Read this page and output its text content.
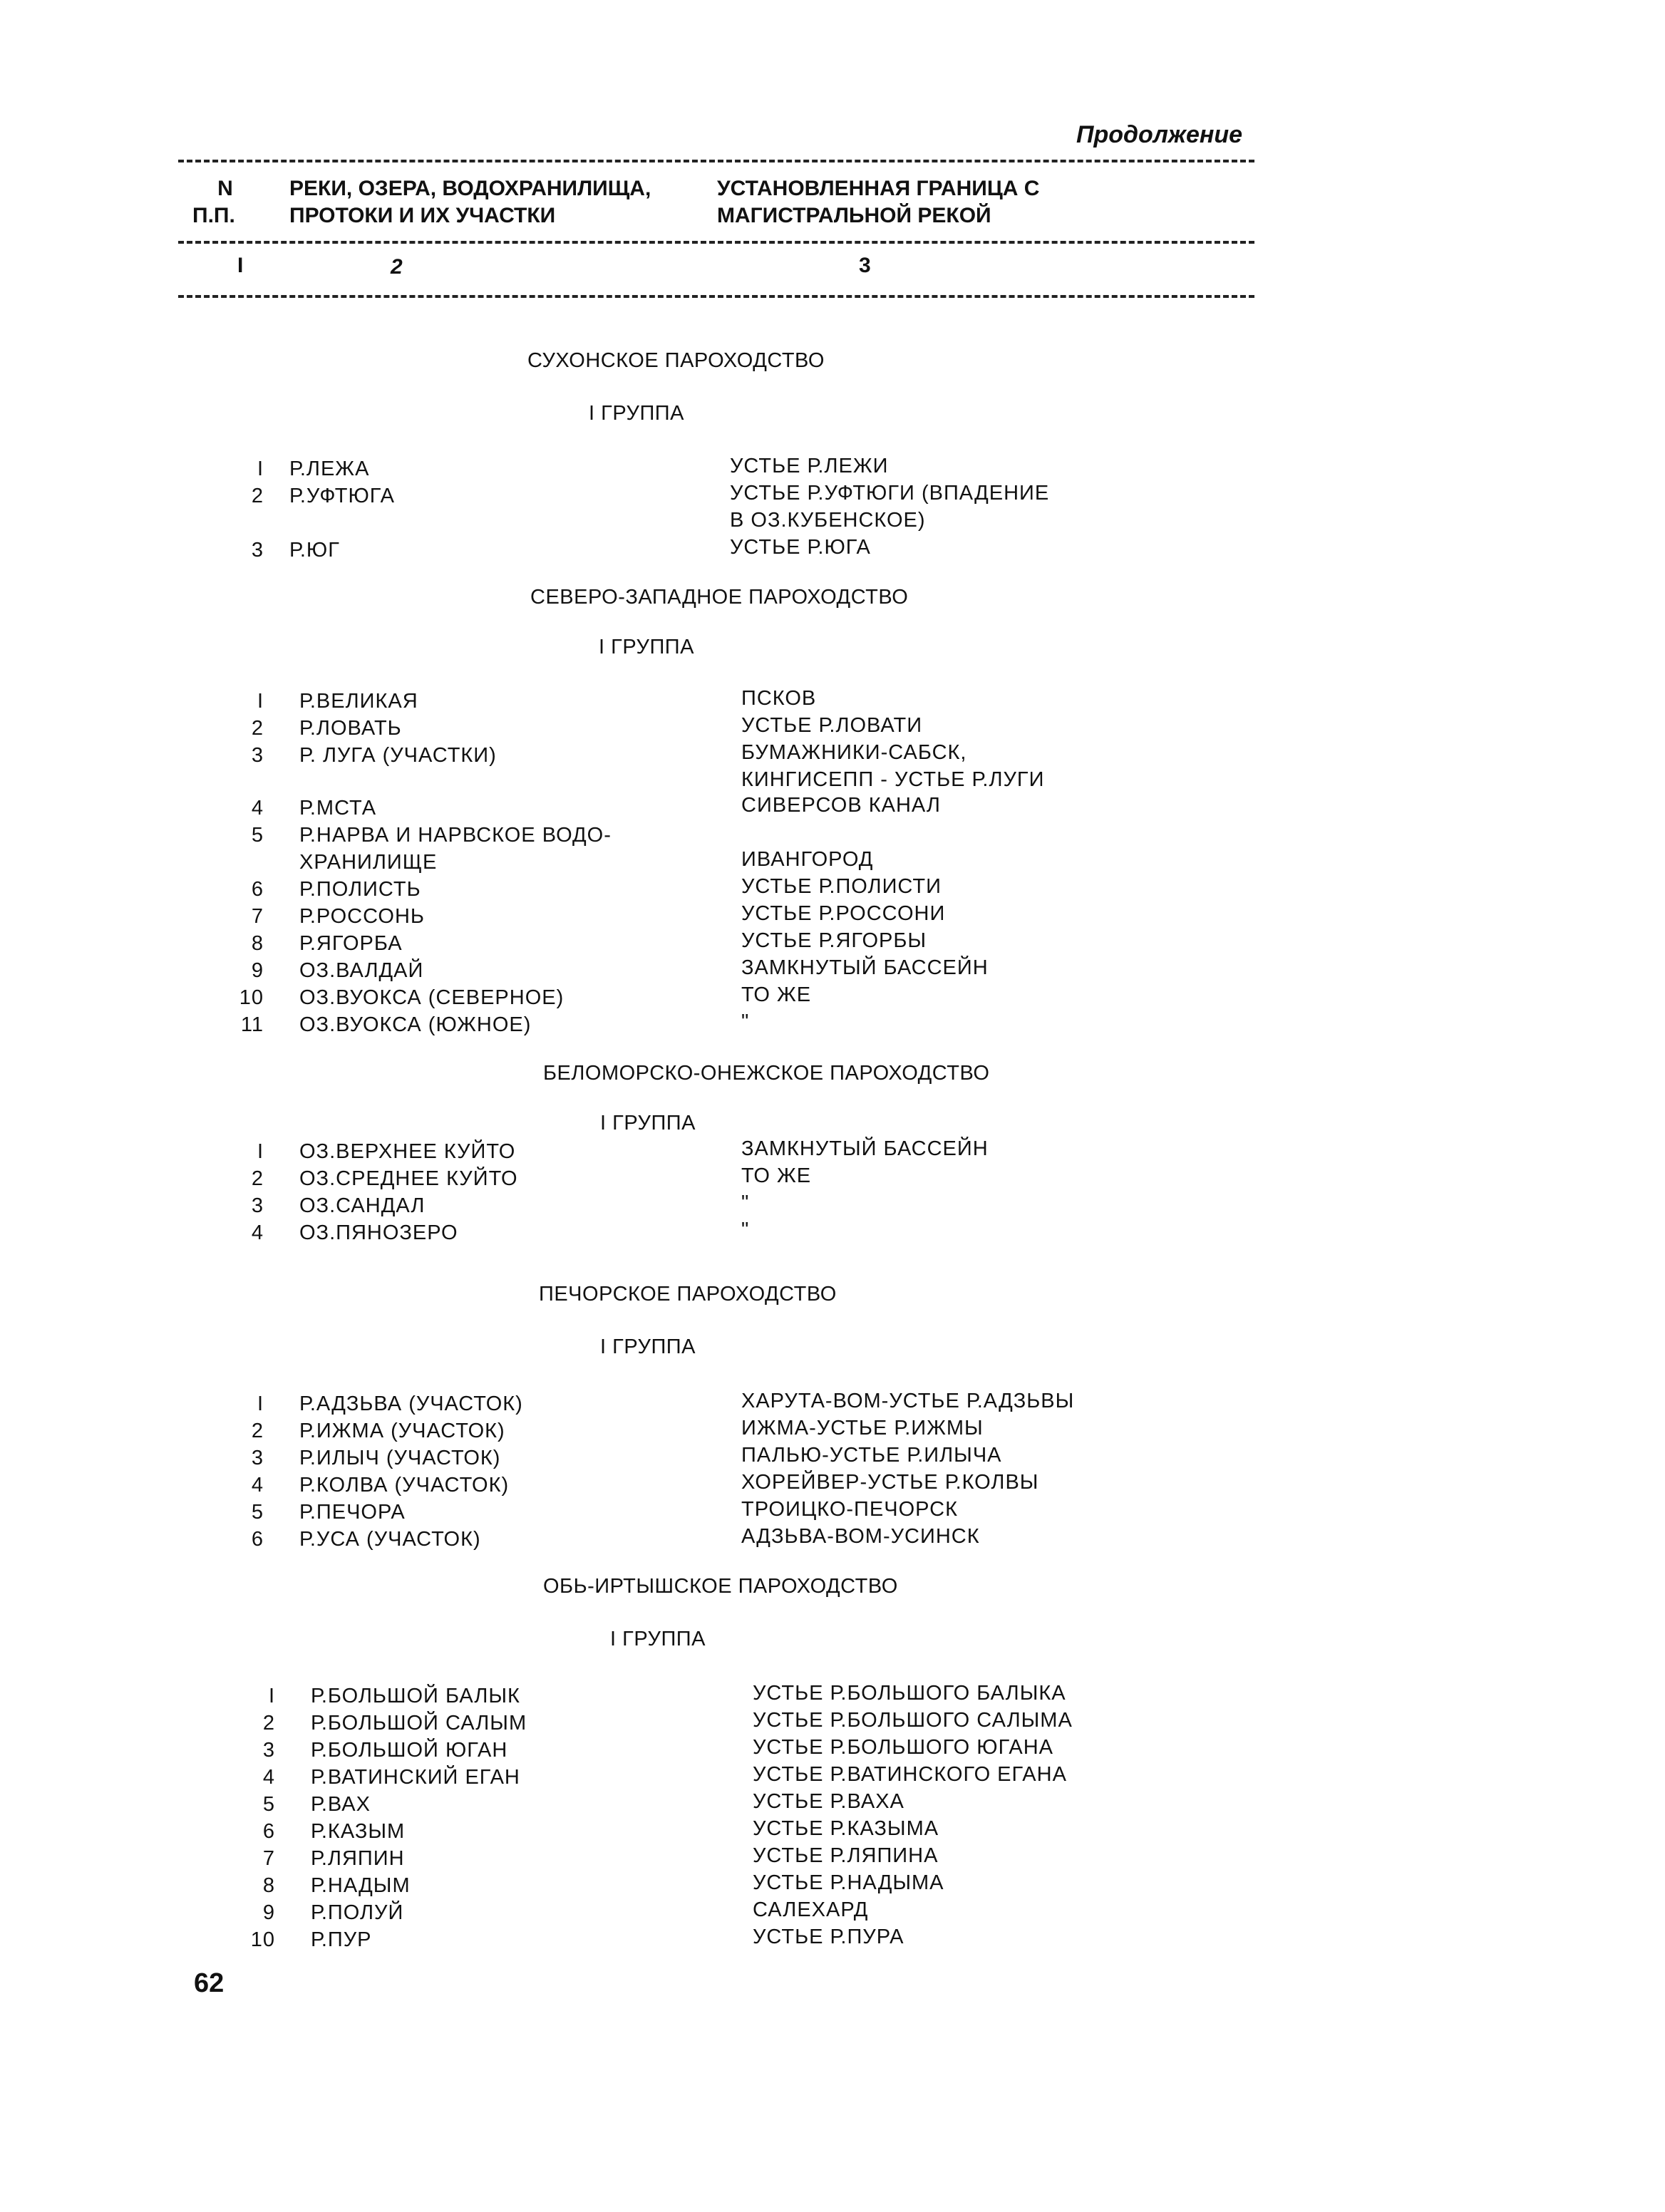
Продолжение
N
П.П.
РЕКИ, ОЗЕРА, ВОДОХРАНИЛИЩА,
ПРОТОКИ И ИХ УЧАСТКИ
УСТАНОВЛЕННАЯ ГРАНИЦА С
МАГИСТРАЛЬНОЙ РЕКОЙ
I	2	3
СУХОНСКОЕ ПАРОХОДСТВО
I ГРУППА
I Р.ЛЕЖА	УСТЬЕ Р.ЛЕЖИ
2 Р.УФТЮГА	УСТЬЕ Р.УФТЮГИ (ВПАДЕНИЕ
В ОЗ.КУБЕНСКОЕ)
3 Р.ЮГ	УСТЬЕ Р.ЮГА
СЕВЕРО-ЗАПАДНОЕ ПАРОХОДСТВО
I ГРУППА
I Р.ВЕЛИКАЯ	ПСКОВ
2 Р.ЛОВАТЬ	УСТЬЕ Р.ЛОВАТИ
3 Р. ЛУГА (УЧАСТКИ)	БУМАЖНИКИ-САБСК,
КИНГИСЕПП - УСТЬЕ Р.ЛУГИ
4 Р.МСТА	СИВЕРСОВ КАНАЛ
5 Р.НАРВА И НАРВСКОЕ ВОДО-
ХРАНИЛИЩЕ	ИВАНГОРОД
6 Р.ПОЛИСТЬ	УСТЬЕ Р.ПОЛИСТИ
7 Р.РОССОНЬ	УСТЬЕ Р.РОССОНИ
8 Р.ЯГОРБА	УСТЬЕ Р.ЯГОРБЫ
9 ОЗ.ВАЛДАЙ	ЗАМКНУТЫЙ БАССЕЙН
10 ОЗ.ВУОКСА (СЕВЕРНОЕ)	ТО ЖЕ
11 ОЗ.ВУОКСА (ЮЖНОЕ)	"
БЕЛОМОРСКО-ОНЕЖСКОЕ ПАРОХОДСТВО
I ГРУППА
I ОЗ.ВЕРХНЕЕ КУЙТО	ЗАМКНУТЫЙ БАССЕЙН
2 ОЗ.СРЕДНЕЕ КУЙТО	ТО ЖЕ
3 ОЗ.САНДАЛ	"
4 ОЗ.ПЯНОЗЕРО	"
ПЕЧОРСКОЕ ПАРОХОДСТВО
I ГРУППА
I Р.АДЗЬВА (УЧАСТОК)	ХАРУТА-ВОМ-УСТЬЕ Р.АДЗЬВЫ
2 Р.ИЖМА (УЧАСТОК)	ИЖМА-УСТЬЕ Р.ИЖМЫ
3 Р.ИЛЫЧ (УЧАСТОК)	ПАЛЬЮ-УСТЬЕ Р.ИЛЫЧА
4 Р.КОЛВА (УЧАСТОК)	ХОРЕЙВЕР-УСТЬЕ Р.КОЛВЫ
5 Р.ПЕЧОРА	ТРОИЦКО-ПЕЧОРСК
6 Р.УСА (УЧАСТОК)	АДЗЬВА-ВОМ-УСИНСК
ОБЬ-ИРТЫШСКОЕ ПАРОХОДСТВО
I ГРУППА
I Р.БОЛЬШОЙ БАЛЫК	УСТЬЕ Р.БОЛЬШОГО БАЛЫКА
2 Р.БОЛЬШОЙ САЛЫМ	УСТЬЕ Р.БОЛЬШОГО САЛЫМА
3 Р.БОЛЬШОЙ ЮГАН	УСТЬЕ Р.БОЛЬШОГО ЮГАНА
4 Р.ВАТИНСКИЙ ЕГАН	УСТЬЕ Р.ВАТИНСКОГО ЕГАНА
5 Р.ВАХ	УСТЬЕ Р.ВАХА
6 Р.КАЗЫМ	УСТЬЕ Р.КАЗЫМА
7 Р.ЛЯПИН	УСТЬЕ Р.ЛЯПИНА
8 Р.НАДЫМ	УСТЬЕ Р.НАДЫМА
9 Р.ПОЛУЙ	САЛЕХАРД
10 Р.ПУР	УСТЬЕ Р.ПУРА
62
